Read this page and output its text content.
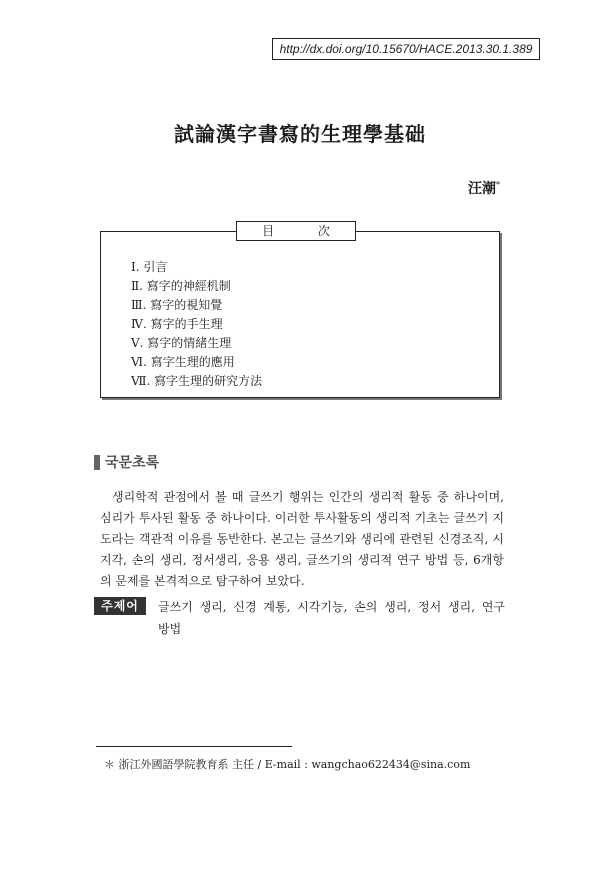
http://dx.doi.org/10.15670/HACE.2013.30.1.389
試論漢字書寫的生理學基础
汪潮*
目 次
Ⅰ. 引言
Ⅱ. 寫字的神經机制
Ⅲ. 寫字的視知覺
Ⅳ. 寫字的手生理
Ⅴ. 寫字的情緒生理
Ⅵ. 寫字生理的應用
Ⅶ. 寫字生理的研究方法
국문초록
생리학적 관점에서 볼 때 글쓰기 행위는 인간의 생리적 활동 중 하나이며, 심리가 투사된 활동 중 하나이다. 이러한 투사활동의 생리적 기초는 글쓰기 지도라는 객관적 이유를 동반한다. 본고는 글쓰기와 생리에 관련된 신경조직, 시지각, 손의 생리, 정서생리, 응용 생리, 글쓰기의 생리적 연구 방법 등, 6개항의 문제를 본격적으로 탐구하여 보았다.
주제어	글쓰기 생리, 신경 계통, 시각기능, 손의 생리, 정서 생리, 연구 방법
＊ 浙江外國語學院教育系 主任 / E-mail : wangchao622434@sina.com
